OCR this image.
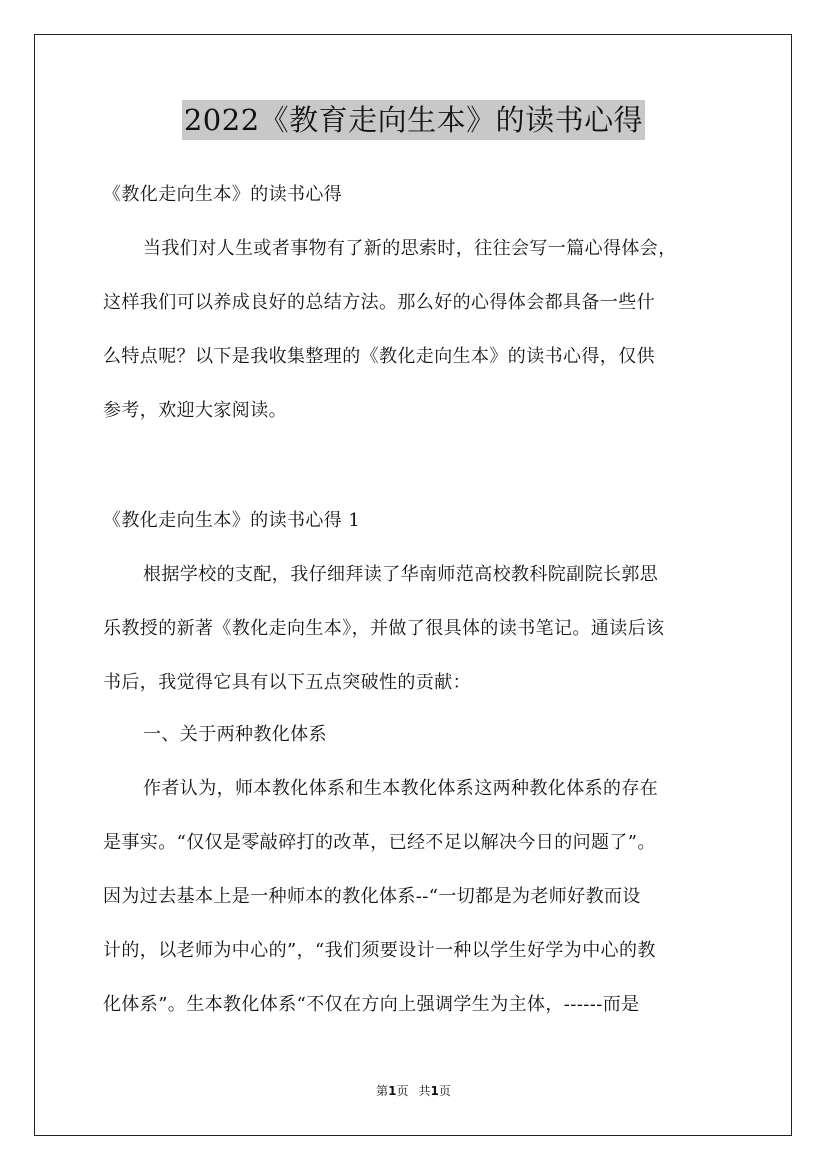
2022《教育走向生本》的读书心得
《教化走向生本》的读书心得
当我们对人生或者事物有了新的思索时，往往会写一篇心得体会，
这样我们可以养成良好的总结方法。那么好的心得体会都具备一些什
么特点呢？以下是我收集整理的《教化走向生本》的读书心得，仅供
参考，欢迎大家阅读。
《教化走向生本》的读书心得 1
根据学校的支配，我仔细拜读了华南师范高校教科院副院长郭思
乐教授的新著《教化走向生本》，并做了很具体的读书笔记。通读后该
书后，我觉得它具有以下五点突破性的贡献：
一、关于两种教化体系
作者认为，师本教化体系和生本教化体系这两种教化体系的存在
是事实。“仅仅是零敲碎打的改革，已经不足以解决今日的问题了”。
因为过去基本上是一种师本的教化体系--“一切都是为老师好教而设
计的，以老师为中心的”，“我们须要设计一种以学生好学为中心的教
化体系”。生本教化体系“不仅在方向上强调学生为主体，------而是
第1页 共1页
